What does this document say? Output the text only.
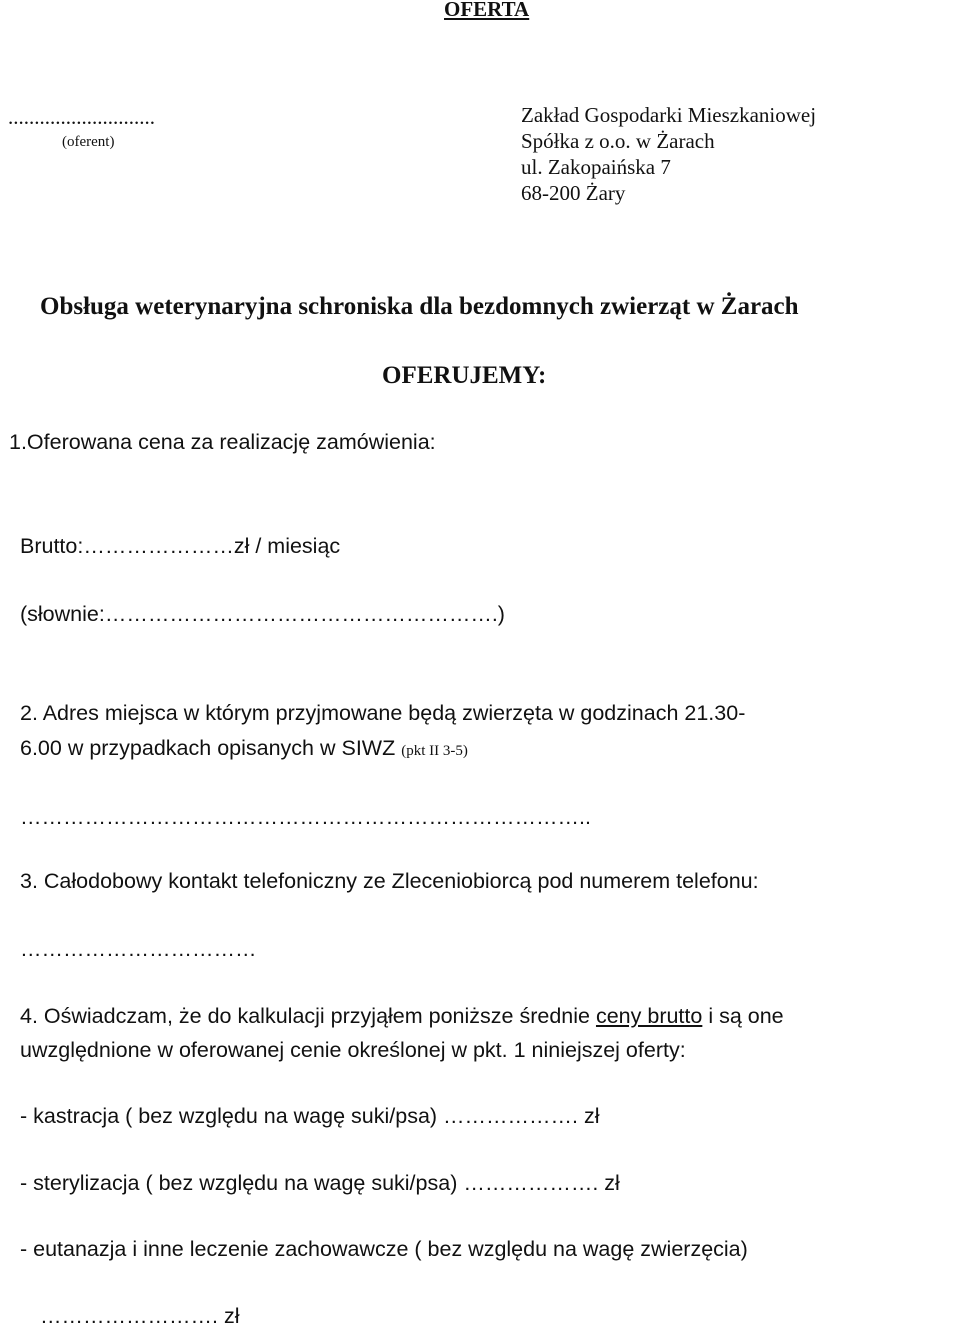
OFERTA
............................
(oferent)
Zakład Gospodarki Mieszkaniowej
Spółka z o.o. w Żarach
ul. Zakopaińska 7
68-200 Żary
Obsługa weterynaryjna schroniska dla bezdomnych zwierząt w Żarach
OFERUJEMY:
1.Oferowana cena za realizację zamówienia:
Brutto:…………………zł / miesiąc
(słownie:……………………………………………….)
2. Adres miejsca w którym przyjmowane będą zwierzęta w godzinach 21.30-
6.00 w przypadkach opisanych w SIWZ (pkt II 3-5)
……………………………………………………………………..
3. Całodobowy kontakt telefoniczny ze Zleceniobiorcą pod numerem telefonu:
……………………………
4. Oświadczam, że do kalkulacji przyjąłem poniższe średnie ceny brutto i są one
uwzględnione w oferowanej cenie określonej w pkt. 1 niniejszej oferty:
- kastracja ( bez względu na wagę suki/psa) ………………. zł
- sterylizacja ( bez względu na wagę suki/psa) ………………. zł
- eutanazja i inne leczenie zachowawcze ( bez względu na wagę zwierzęcia)
……………………. zł
